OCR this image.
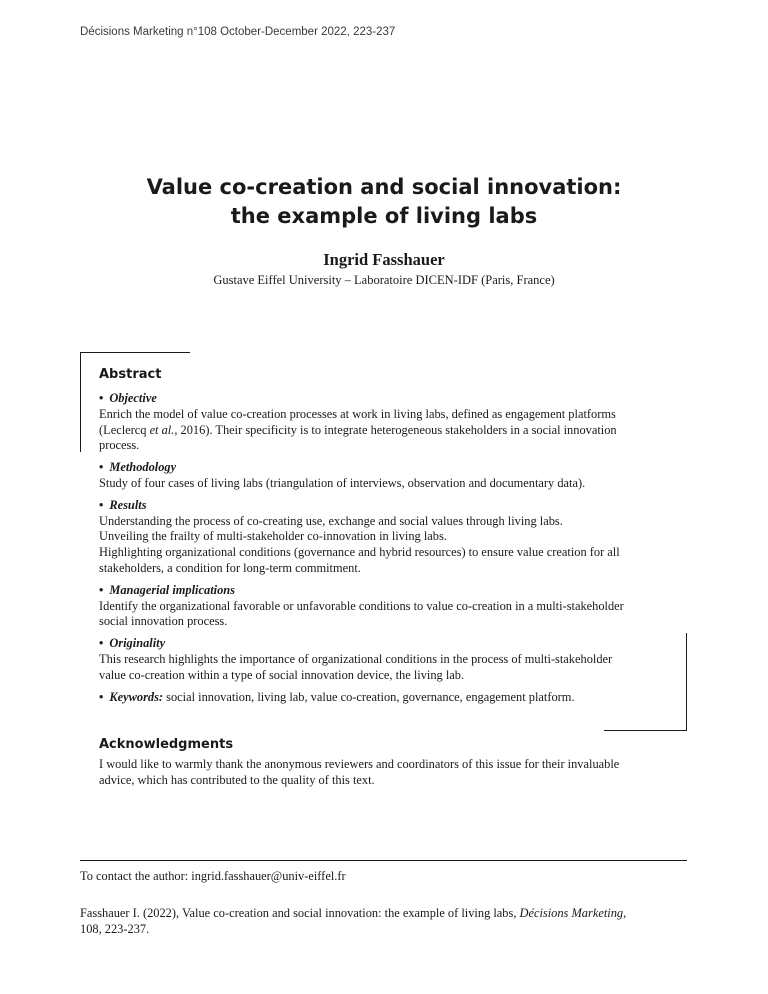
Décisions Marketing n°108 October-December 2022, 223-237
Value co-creation and social innovation:
the example of living labs
Ingrid Fasshauer
Gustave Eiffel University – Laboratoire DICEN-IDF (Paris, France)
Abstract
• Objective
Enrich the model of value co-creation processes at work in living labs, defined as engagement platforms
(Leclercq et al., 2016). Their specificity is to integrate heterogeneous stakeholders in a social innovation
process.
• Methodology
Study of four cases of living labs (triangulation of interviews, observation and documentary data).
• Results
Understanding the process of co-creating use, exchange and social values through living labs.
Unveiling the frailty of multi-stakeholder co-innovation in living labs.
Highlighting organizational conditions (governance and hybrid resources) to ensure value creation for all
stakeholders, a condition for long-term commitment.
• Managerial implications
Identify the organizational favorable or unfavorable conditions to value co-creation in a multi-stakeholder
social innovation process.
• Originality
This research highlights the importance of organizational conditions in the process of multi-stakeholder
value co-creation within a type of social innovation device, the living lab.
• Keywords: social innovation, living lab, value co-creation, governance, engagement platform.
Acknowledgments
I would like to warmly thank the anonymous reviewers and coordinators of this issue for their invaluable
advice, which has contributed to the quality of this text.
To contact the author: ingrid.fasshauer@univ-eiffel.fr
Fasshauer I. (2022), Value co-creation and social innovation: the example of living labs, Décisions Marketing,
108, 223-237.
